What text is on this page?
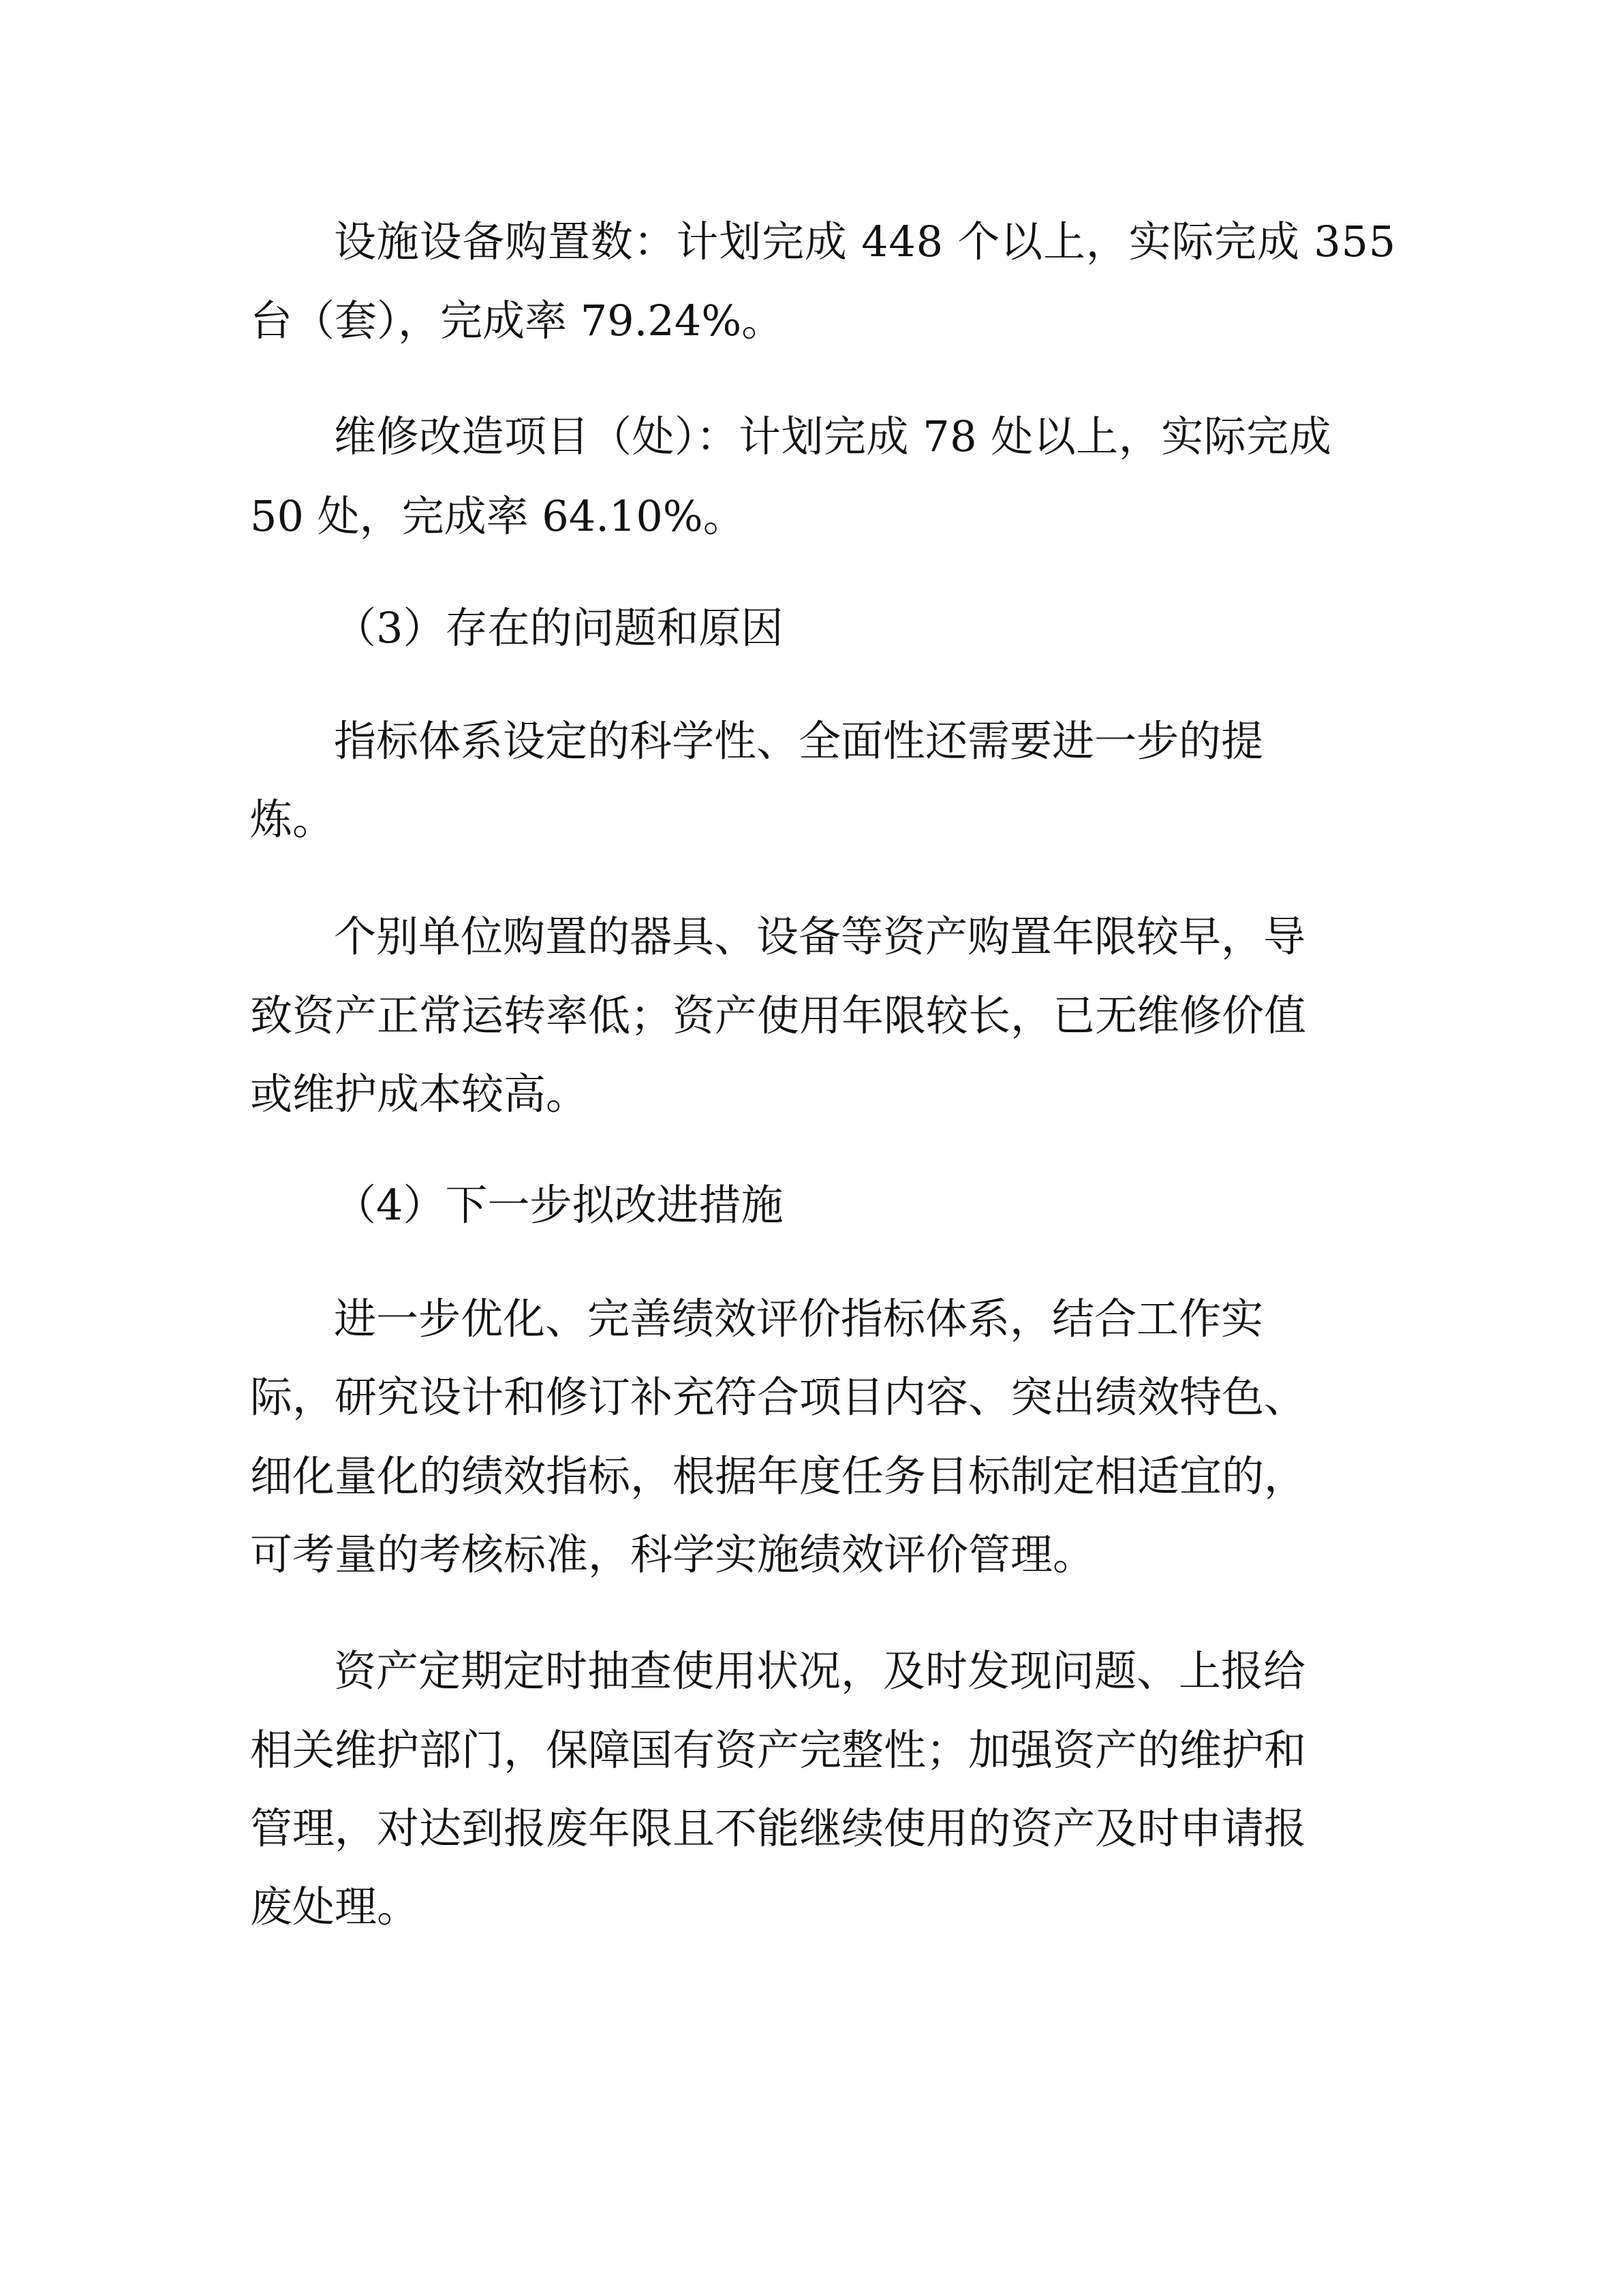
设施设备购置数：计划完成 448 个以上，实际完成 355

台（套），完成率 79.24%。

维修改造项目（处）：计划完成 78 处以上，实际完成

50 处，完成率 64.10%。

（3）存在的问题和原因

指标体系设定的科学性、全面性还需要进一步的提

炼。

个别单位购置的器具、设备等资产购置年限较早，导

致资产正常运转率低；资产使用年限较长，已无维修价值

或维护成本较高。

（4）下一步拟改进措施

进一步优化、完善绩效评价指标体系，结合工作实

际，研究设计和修订补充符合项目内容、突出绩效特色、

细化量化的绩效指标，根据年度任务目标制定相适宜的，

可考量的考核标准，科学实施绩效评价管理。

资产定期定时抽查使用状况，及时发现问题、上报给

相关维护部门，保障国有资产完整性；加强资产的维护和

管理，对达到报废年限且不能继续使用的资产及时申请报

废处理。
